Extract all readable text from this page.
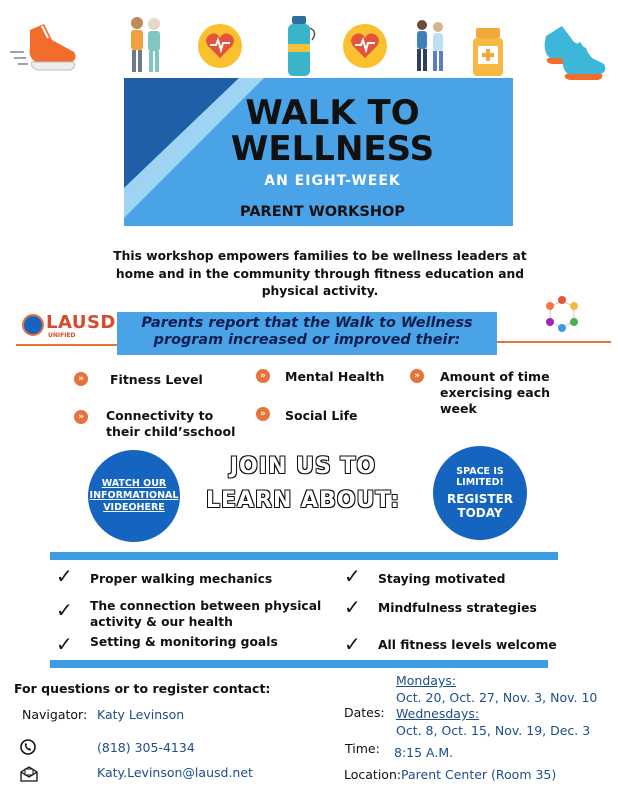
WALK TO
WELLNESS
AN EIGHT-WEEK
PARENT WORKSHOP
This workshop empowers families to be wellness leaders at home and in the community through fitness education and physical activity.
LAUSD
UNIFIED
Parents report that the Walk to Wellness
program increased or improved their:
»	Fitness Level	»	Mental Health	»	Amount of time exercising each week
»	Connectivity to their child’sschool
»	Social Life
WATCH OUR
INFORMATIONAL
VIDEOHERE
JOIN US TO
LEARN ABOUT:
SPACE IS
LIMITED!
REGISTER
TODAY
✓ Proper walking mechanics
✓ The connection between physical activity & our health
✓ Setting & monitoring goals
✓ Staying motivated
✓ Mindfulness strategies
✓ All fitness levels welcome
For questions or to register contact:
Navigator: Katy Levinson
(818) 305-4134
Katy.Levinson@lausd.net
Mondays:
Oct. 20, Oct. 27, Nov. 3, Nov. 10
Dates: Wednesdays:
Oct. 8, Oct. 15, Nov. 19, Dec. 3
Time: 8:15 A.M.
Location: Parent Center (Room 35)
